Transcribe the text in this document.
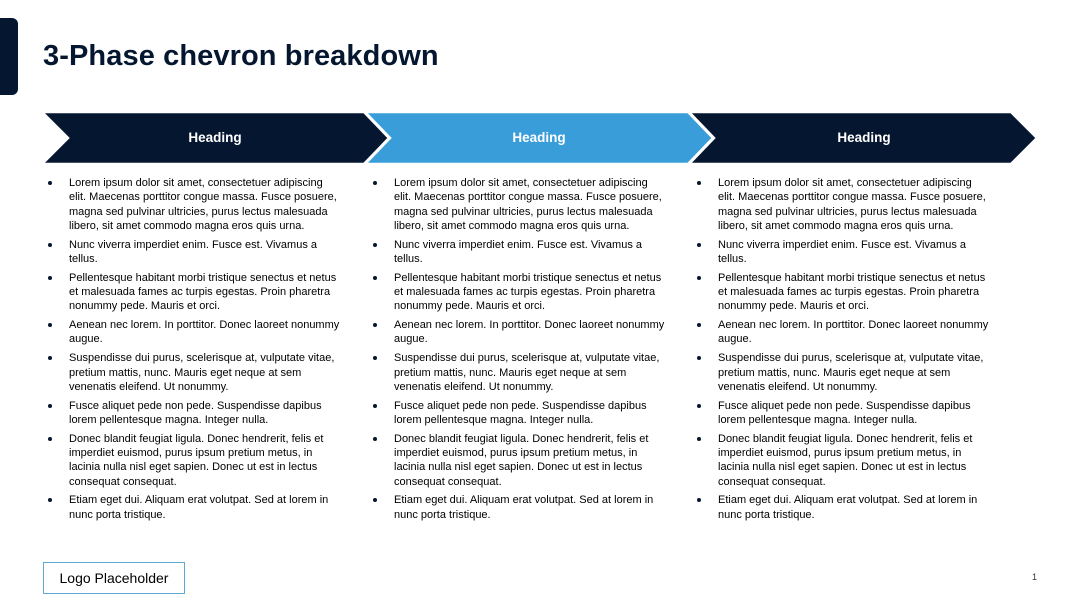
3-Phase chevron breakdown
Heading	Heading	Heading
Lorem ipsum dolor sit amet, consectetuer adipiscing elit. Maecenas porttitor congue massa. Fusce posuere, magna sed pulvinar ultricies, purus lectus malesuada libero, sit amet commodo magna eros quis urna.
Nunc viverra imperdiet enim. Fusce est. Vivamus a tellus.
Pellentesque habitant morbi tristique senectus et netus et malesuada fames ac turpis egestas. Proin pharetra nonummy pede. Mauris et orci.
Aenean nec lorem. In porttitor. Donec laoreet nonummy augue.
Suspendisse dui purus, scelerisque at, vulputate vitae, pretium mattis, nunc. Mauris eget neque at sem venenatis eleifend. Ut nonummy.
Fusce aliquet pede non pede. Suspendisse dapibus lorem pellentesque magna. Integer nulla.
Donec blandit feugiat ligula. Donec hendrerit, felis et imperdiet euismod, purus ipsum pretium metus, in lacinia nulla nisl eget sapien. Donec ut est in lectus consequat consequat.
Etiam eget dui. Aliquam erat volutpat. Sed at lorem in nunc porta tristique.
Lorem ipsum dolor sit amet, consectetuer adipiscing elit. Maecenas porttitor congue massa. Fusce posuere, magna sed pulvinar ultricies, purus lectus malesuada libero, sit amet commodo magna eros quis urna.
Nunc viverra imperdiet enim. Fusce est. Vivamus a tellus.
Pellentesque habitant morbi tristique senectus et netus et malesuada fames ac turpis egestas. Proin pharetra nonummy pede. Mauris et orci.
Aenean nec lorem. In porttitor. Donec laoreet nonummy augue.
Suspendisse dui purus, scelerisque at, vulputate vitae, pretium mattis, nunc. Mauris eget neque at sem venenatis eleifend. Ut nonummy.
Fusce aliquet pede non pede. Suspendisse dapibus lorem pellentesque magna. Integer nulla.
Donec blandit feugiat ligula. Donec hendrerit, felis et imperdiet euismod, purus ipsum pretium metus, in lacinia nulla nisl eget sapien. Donec ut est in lectus consequat consequat.
Etiam eget dui. Aliquam erat volutpat. Sed at lorem in nunc porta tristique.
Lorem ipsum dolor sit amet, consectetuer adipiscing elit. Maecenas porttitor congue massa. Fusce posuere, magna sed pulvinar ultricies, purus lectus malesuada libero, sit amet commodo magna eros quis urna.
Nunc viverra imperdiet enim. Fusce est. Vivamus a tellus.
Pellentesque habitant morbi tristique senectus et netus et malesuada fames ac turpis egestas. Proin pharetra nonummy pede. Mauris et orci.
Aenean nec lorem. In porttitor. Donec laoreet nonummy augue.
Suspendisse dui purus, scelerisque at, vulputate vitae, pretium mattis, nunc. Mauris eget neque at sem venenatis eleifend. Ut nonummy.
Fusce aliquet pede non pede. Suspendisse dapibus lorem pellentesque magna. Integer nulla.
Donec blandit feugiat ligula. Donec hendrerit, felis et imperdiet euismod, purus ipsum pretium metus, in lacinia nulla nisl eget sapien. Donec ut est in lectus consequat consequat.
Etiam eget dui. Aliquam erat volutpat. Sed at lorem in nunc porta tristique.
Logo Placeholder	1
